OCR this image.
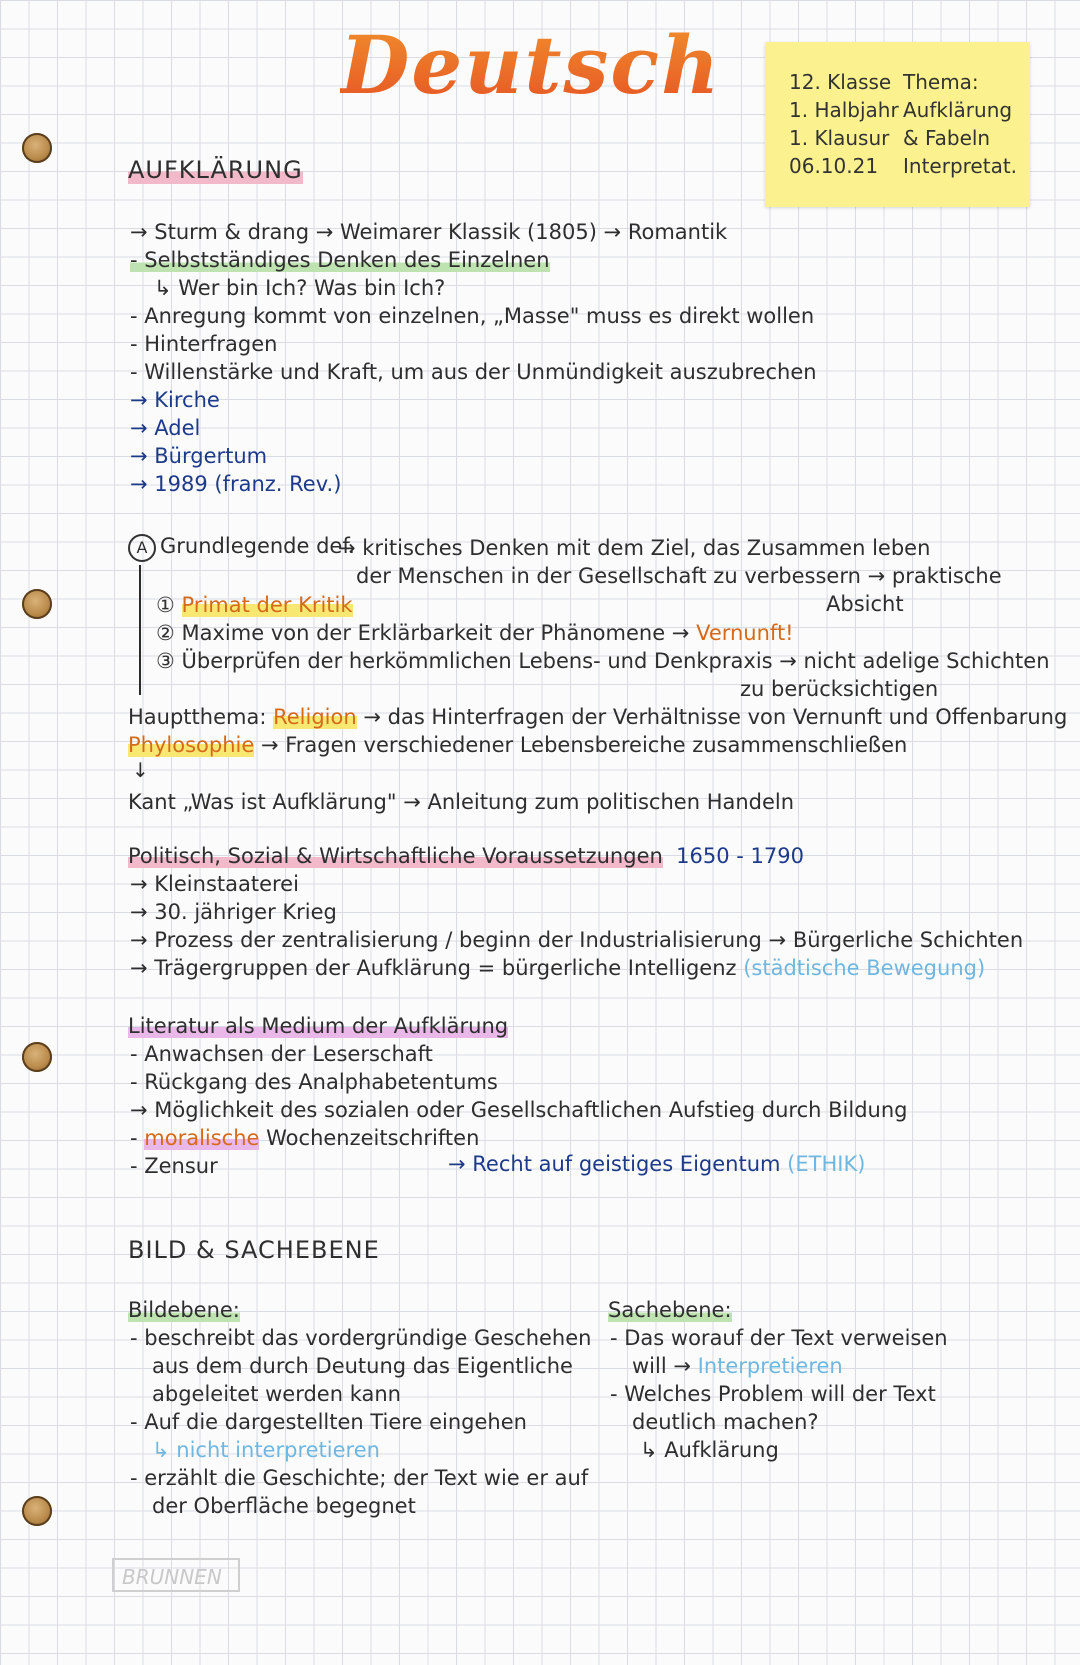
Deutsch	12. Klasse
1. Halbjahr
1. Klausur
06.10.21
Thema:
Aufklärung
& Fabeln
Interpretat.
AUFKLÄRUNG
→ Sturm & drang → Weimarer Klassik (1805) → Romantik
- Selbstständiges Denken des Einzelnen
↳ Wer bin Ich? Was bin Ich?
- Anregung kommt von einzelnen, „Masse" muss es direkt wollen
- Hinterfragen
- Willenstärke und Kraft, um aus der Unmündigkeit auszubrechen
→ Kirche
→ Adel
→ Bürgertum
→ 1989 (franz. Rev.)
A Grundlegende def.
→ kritisches Denken mit dem Ziel, das Zusammen leben
der Menschen in der Gesellschaft zu verbessern → praktische
Absicht
① Primat der Kritik
② Maxime von der Erklärbarkeit der Phänomene → Vernunft!
③ Überprüfen der herkömmlichen Lebens- und Denkpraxis → nicht adelige Schichten
zu berücksichtigen
Hauptthema: Religion → das Hinterfragen der Verhältnisse von Vernunft und Offenbarung
Phylosophie → Fragen verschiedener Lebensbereiche zusammenschließen
↓
Kant „Was ist Aufklärung" → Anleitung zum politischen Handeln
Politisch, Sozial & Wirtschaftliche Voraussetzungen 1650 - 1790
→ Kleinstaaterei
→ 30. jähriger Krieg
→ Prozess der zentralisierung / beginn der Industrialisierung → Bürgerliche Schichten
→ Trägergruppen der Aufklärung = bürgerliche Intelligenz (städtische Bewegung)
Literatur als Medium der Aufklärung
- Anwachsen der Leserschaft
- Rückgang des Analphabetentums
→ Möglichkeit des sozialen oder Gesellschaftlichen Aufstieg durch Bildung
- moralische Wochenzeitschriften
- Zensur	→ Recht auf geistiges Eigentum (ETHIK)
BILD & SACHEBENE
Bildebene:
- beschreibt das vordergründige Geschehen
aus dem durch Deutung das Eigentliche
abgeleitet werden kann
- Auf die dargestellten Tiere eingehen
↳ nicht interpretieren
- erzählt die Geschichte; der Text wie er auf
der Oberfläche begegnet
Sachebene:
- Das worauf der Text verweisen
will → Interpretieren
- Welches Problem will der Text
deutlich machen?
↳ Aufklärung
BRUNNEN
